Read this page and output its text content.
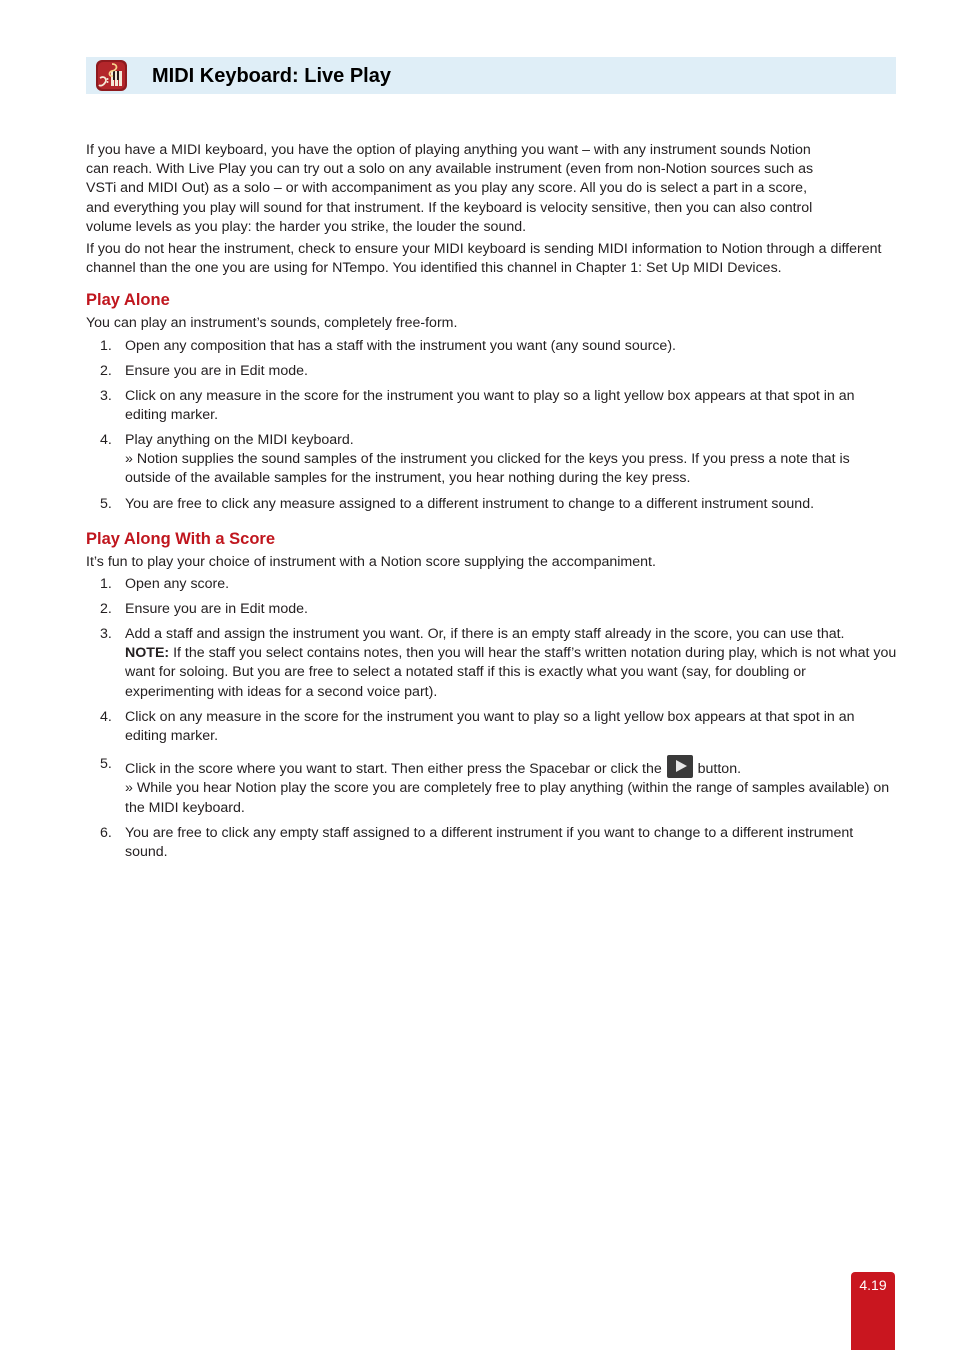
MIDI Keyboard: Live Play

If you have a MIDI keyboard, you have the option of playing anything you want – with any instrument sounds Notion can reach. With Live Play you can try out a solo on any available instrument (even from non-Notion sources such as VSTi and MIDI Out) as a solo – or with accompaniment as you play any score. All you do is select a part in a score, and everything you play will sound for that instrument. If the keyboard is velocity sensitive, then you can also control volume levels as you play: the harder you strike, the louder the sound.

If you do not hear the instrument, check to ensure your MIDI keyboard is sending MIDI information to Notion through a different channel than the one you are using for NTempo. You identified this channel in Chapter 1: Set Up MIDI Devices.

Play Alone

You can play an instrument’s sounds, completely free-form.

1. Open any composition that has a staff with the instrument you want (any sound source).
2. Ensure you are in Edit mode.
3. Click on any measure in the score for the instrument you want to play so a light yellow box appears at that spot in an editing marker.
4. Play anything on the MIDI keyboard.
» Notion supplies the sound samples of the instrument you clicked for the keys you press. If you press a note that is outside of the available samples for the instrument, you hear nothing during the key press.
5. You are free to click any measure assigned to a different instrument to change to a different instrument sound.
Play Along With a Score

It’s fun to play your choice of instrument with a Notion score supplying the accompaniment.

1. Open any score.
2. Ensure you are in Edit mode.
3. Add a staff and assign the instrument you want. Or, if there is an empty staff already in the score, you can use that.
NOTE: If the staff you select contains notes, then you will hear the staff’s written notation during play, which is not what you want for soloing. But you are free to select a notated staff if this is exactly what you want (say, for doubling or experimenting with ideas for a second voice part).
4. Click on any measure in the score for the instrument you want to play so a light yellow box appears at that spot in an editing marker.
5. Click in the score where you want to start. Then either press the Spacebar or click the  button.
» While you hear Notion play the score you are completely free to play anything (within the range of samples available) on the MIDI keyboard.
6. You are free to click any empty staff assigned to a different instrument if you want to change to a different instrument sound.
4.19
